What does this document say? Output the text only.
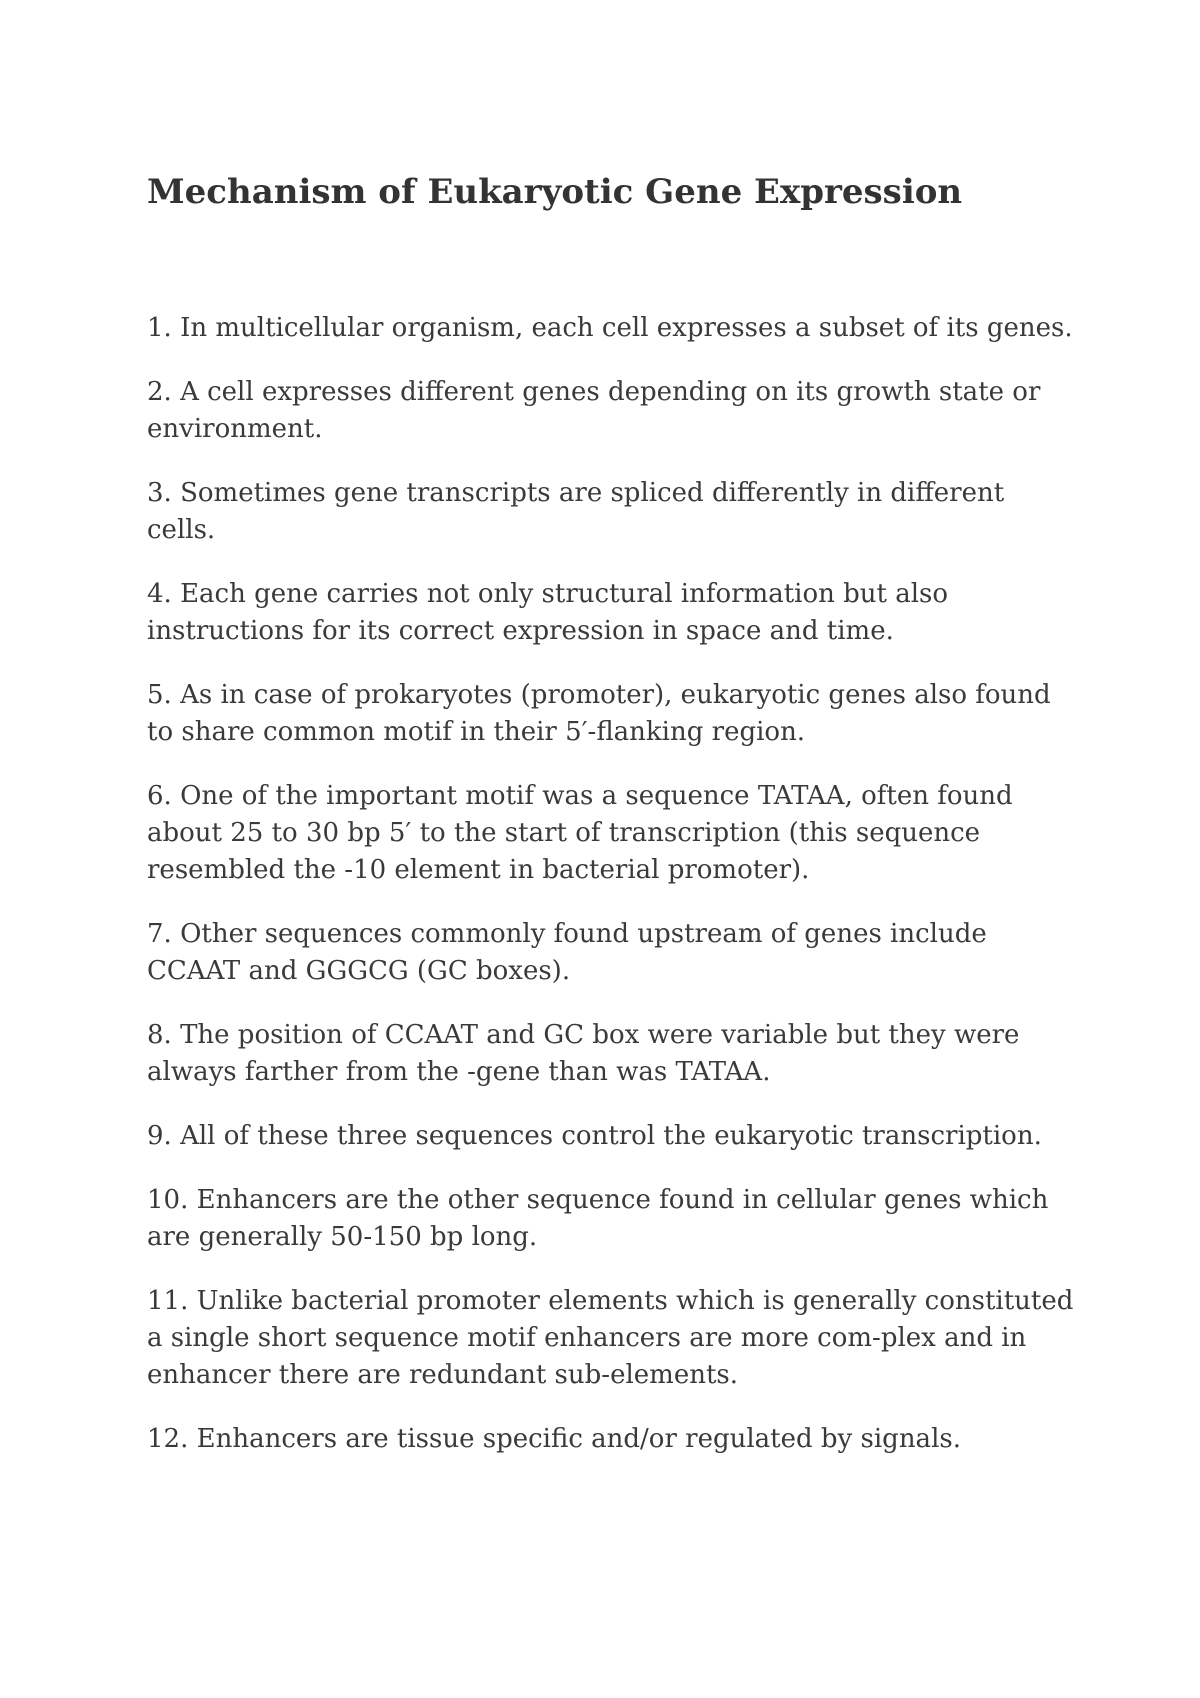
Mechanism of Eukaryotic Gene Expression
1. In multicellular organism, each cell expresses a subset of its genes.
2. A cell expresses different genes depending on its growth state or environment.
3. Sometimes gene transcripts are spliced differently in different cells.
4. Each gene carries not only structural information but also instructions for its correct expression in space and time.
5. As in case of prokaryotes (promoter), eukaryotic genes also found to share common motif in their 5′-flanking region.
6. One of the important motif was a sequence TATAA, often found about 25 to 30 bp 5′ to the start of transcription (this sequence resembled the -10 element in bacterial promoter).
7. Other sequences commonly found upstream of genes include CCAAT and GGGCG (GC boxes).
8. The position of CCAAT and GC box were variable but they were always farther from the -gene than was TATAA.
9. All of these three sequences control the eukaryotic transcription.
10. Enhancers are the other sequence found in cellular genes which are generally 50-150 bp long.
11. Unlike bacterial promoter elements which is generally constituted a single short sequence motif enhancers are more com-plex and in enhancer there are redundant sub-elements.
12. Enhancers are tissue specific and/or regulated by signals.
